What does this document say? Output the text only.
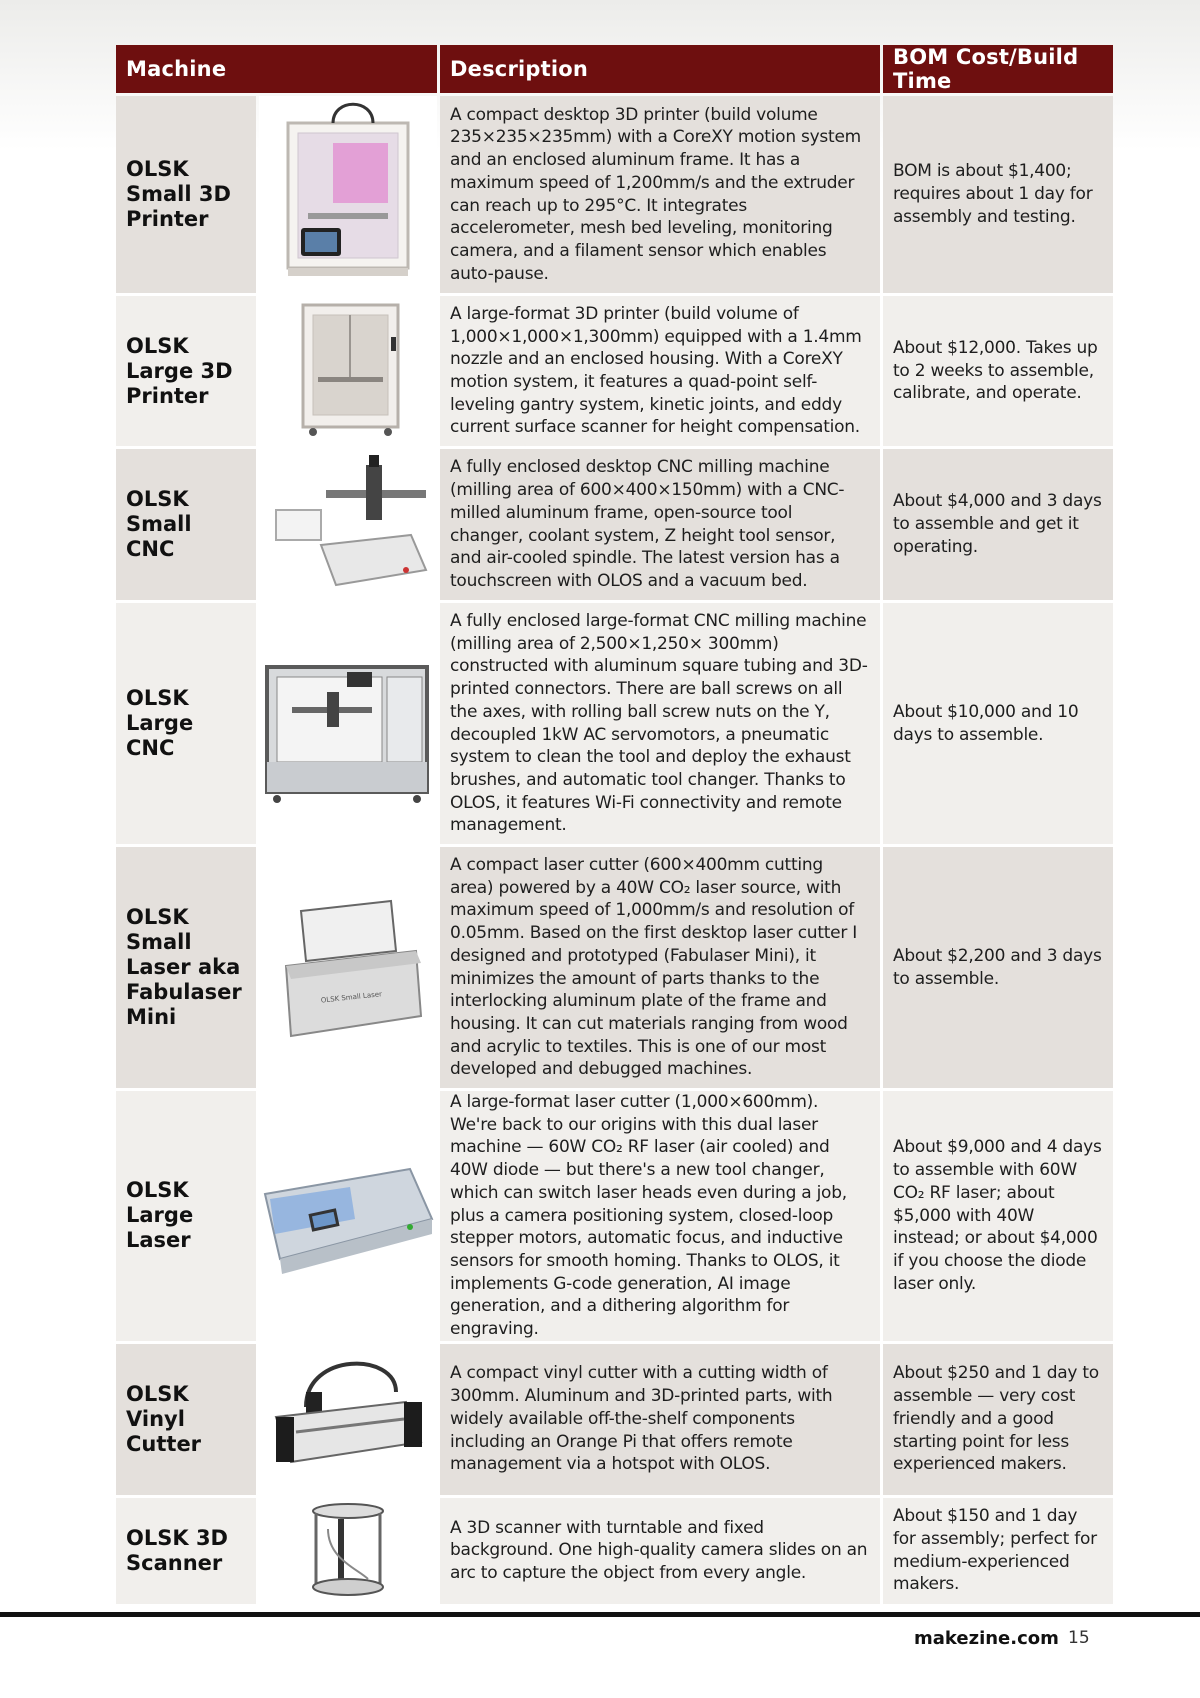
Machine		Description	BOM Cost/Build Time
OLSK Small 3D Printer		A compact desktop 3D printer (build volume 235×235×235mm) with a CoreXY motion system and an enclosed aluminum frame. It has a maximum speed of 1,200mm/s and the extruder can reach up to 295°C. It integrates accelerometer, mesh bed leveling, monitoring camera, and a filament sensor which enables auto-pause.	BOM is about $1,400; requires about 1 day for assembly and testing.
OLSK Large 3D Printer		A large-format 3D printer (build volume of 1,000×1,000×1,300mm) equipped with a 1.4mm nozzle and an enclosed housing. With a CoreXY motion system, it features a quad-point self-leveling gantry system, kinetic joints, and eddy current surface scanner for height compensation.	About $12,000. Takes up to 2 weeks to assemble, calibrate, and operate.
OLSK Small CNC		A fully enclosed desktop CNC milling machine (milling area of 600×400×150mm) with a CNC-milled aluminum frame, open-source tool changer, coolant system, Z height tool sensor, and air-cooled spindle. The latest version has a touchscreen with OLOS and a vacuum bed.	About $4,000 and 3 days to assemble and get it operating.
OLSK Large CNC		A fully enclosed large-format CNC milling machine (milling area of 2,500×1,250× 300mm) constructed with aluminum square tubing and 3D-printed connectors. There are ball screws on all the axes, with rolling ball screw nuts on the Y, decoupled 1kW AC servomotors, a pneumatic system to clean the tool and deploy the exhaust brushes, and automatic tool changer. Thanks to OLOS, it features Wi-Fi connectivity and remote management.	About $10,000 and 10 days to assemble.
OLSK Small Laser aka Fabulaser Mini	OLSK Small Laser	A compact laser cutter (600×400mm cutting area) powered by a 40W CO₂ laser source, with maximum speed of 1,000mm/s and resolution of 0.05mm. Based on the first desktop laser cutter I designed and prototyped (Fabulaser Mini), it minimizes the amount of parts thanks to the interlocking aluminum plate of the frame and housing. It can cut materials ranging from wood and acrylic to textiles. This is one of our most developed and debugged machines.	About $2,200 and 3 days to assemble.
OLSK Large Laser		A large-format laser cutter (1,000×600mm). We're back to our origins with this dual laser machine — 60W CO₂ RF laser (air cooled) and 40W diode — but there's a new tool changer, which can switch laser heads even during a job, plus a camera positioning system, closed-loop stepper motors, automatic focus, and inductive sensors for smooth homing. Thanks to OLOS, it implements G-code generation, AI image generation, and a dithering algorithm for engraving.	About $9,000 and 4 days to assemble with 60W CO₂ RF laser; about $5,000 with 40W instead; or about $4,000 if you choose the diode laser only.
OLSK Vinyl Cutter		A compact vinyl cutter with a cutting width of 300mm. Aluminum and 3D-printed parts, with widely available off-the-shelf components including an Orange Pi that offers remote management via a hotspot with OLOS.	About $250 and 1 day to assemble — very cost friendly and a good starting point for less experienced makers.
OLSK 3D Scanner		A 3D scanner with turntable and fixed background. One high-quality camera slides on an arc to capture the object from every angle.	About $150 and 1 day for assembly; perfect for medium-experienced makers.
makezine.com 15
